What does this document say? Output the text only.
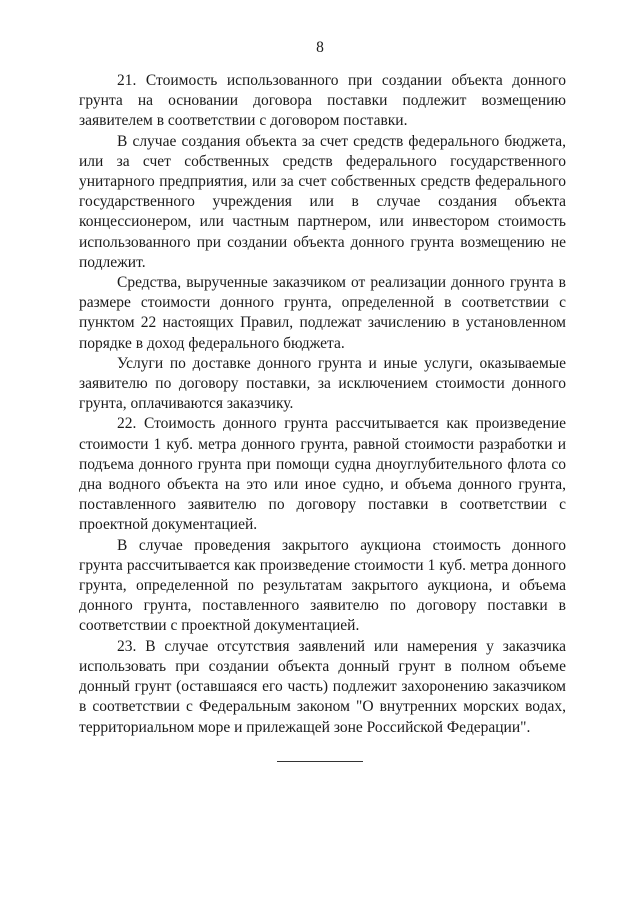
8

21. Стоимость использованного при создании объекта донного грунта на основании договора поставки подлежит возмещению заявителем в соответствии с договором поставки.

В случае создания объекта за счет средств федерального бюджета, или за счет собственных средств федерального государственного унитарного предприятия, или за счет собственных средств федерального государственного учреждения или в случае создания объекта концессионером, или частным партнером, или инвестором стоимость использованного при создании объекта донного грунта возмещению не подлежит.

Средства, вырученные заказчиком от реализации донного грунта в размере стоимости донного грунта, определенной в соответствии с пунктом 22 настоящих Правил, подлежат зачислению в установленном порядке в доход федерального бюджета.

Услуги по доставке донного грунта и иные услуги, оказываемые заявителю по договору поставки, за исключением стоимости донного грунта, оплачиваются заказчику.

22. Стоимость донного грунта рассчитывается как произведение стоимости 1 куб. метра донного грунта, равной стоимости разработки и подъема донного грунта при помощи судна дноуглубительного флота со дна водного объекта на это или иное судно, и объема донного грунта, поставленного заявителю по договору поставки в соответствии с проектной документацией.

В случае проведения закрытого аукциона стоимость донного грунта рассчитывается как произведение стоимости 1 куб. метра донного грунта, определенной по результатам закрытого аукциона, и объема донного грунта, поставленного заявителю по договору поставки в соответствии с проектной документацией.

23. В случае отсутствия заявлений или намерения у заказчика использовать при создании объекта донный грунт в полном объеме донный грунт (оставшаяся его часть) подлежит захоронению заказчиком в соответствии с Федеральным законом "О внутренних морских водах, территориальном море и прилежащей зоне Российской Федерации".
